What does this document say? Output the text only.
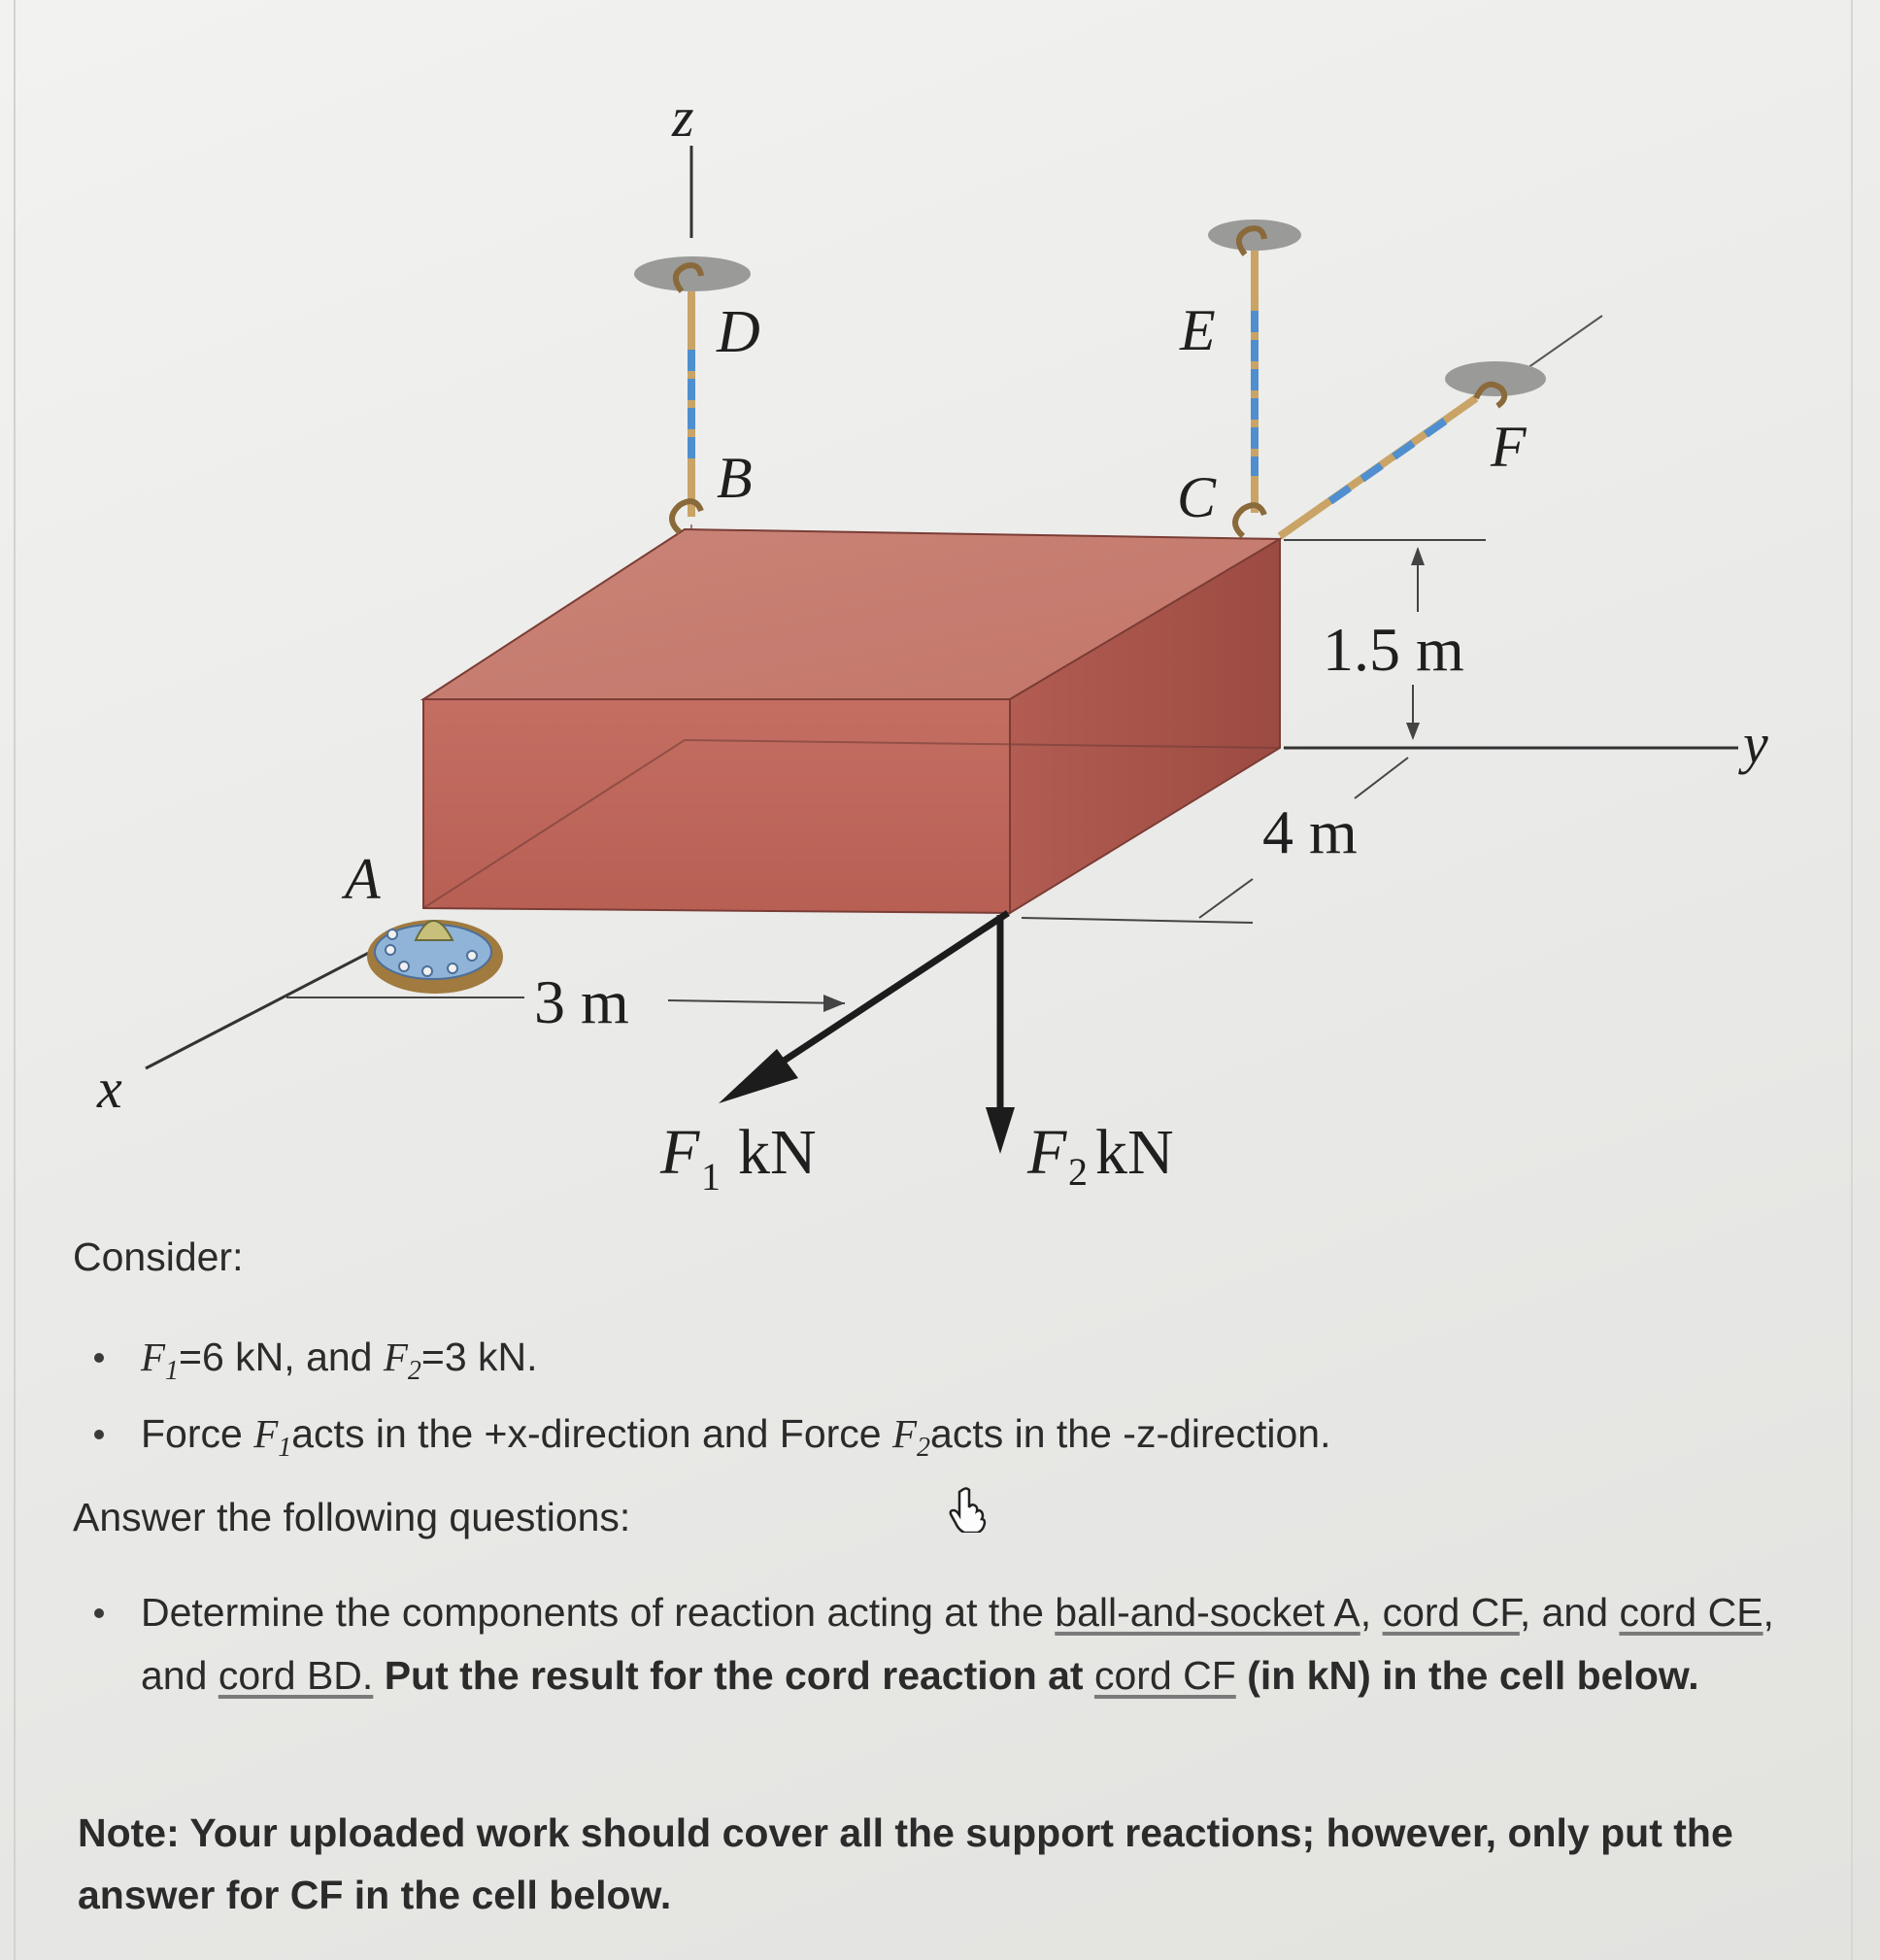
z
x
y
A
B	C
D	E
F
1.5 m
4 m
3 m
F 1 kN	F 2 kN
Consider:
$F_1=6$ kN, and $F_2=3$ kN.
Force $F_1acts$ in the +x-direction and Force $F_2acts$ in the -z-direction.
Answer the following questions:
Determine the components of reaction acting at the ball-and-socket A, cord CF, and cord CE, and cord BD. Put the result for the cord reaction at cord CF (in kN) in the cell below.
Note: Your uploaded work should cover all the support reactions; however, only put the answer for CF in the cell below.
